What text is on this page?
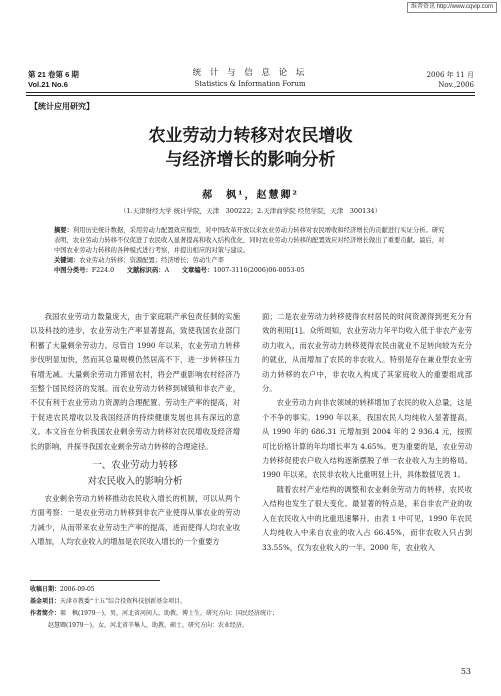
维普资讯 http://www.cqvip.com
第 21 卷第 6 期
Vol.21 No.6
统 计 与 信 息 论 坛
Statistics & Information Forum
2006 年 11 月
Nov.,2006
【统计应用研究】
农业劳动力转移对农民增收
与经济增长的影响分析
郝　枫¹，赵慧卿²
（1.天津财经大学 统计学院，天津　300222；2.天津商学院 经贸学院，天津　300134）
摘要：利用历史统计数据，采用劳动力配置效应模型，对中国改革开放以来农业劳动力转移对农民增收和经济增长的贡献进行实证分析。研究表明，农业劳动力转移不仅促进了农民收入显著提高和收入结构优化，同时农业劳动力转移的配置效应对经济增长做出了重要贡献。最后，对中国农业劳动力转移的各种模式进行考察，并提出相应的对策与建议。
关键词：农业劳动力转移；资源配置；经济增长；劳动生产率
中图分类号：F224.0   文献标识码：A   文章编号：1007-3116(2006)06-0053-05

我国农业劳动力数量庞大，由于家庭联产承包责任制的实施以及科技的进步，农业劳动生产率显著提高，致使我国农业部门积蓄了大量剩余劳动力。尽管自 1990 年以来，农业劳动力转移步伐明显加快，然而其总量规模仍然居高不下，进一步转移压力有增无减。大量剩余劳动力滞留农村，将会严重影响农村经济乃至整个国民经济的发展。而农业劳动力转移到城镇和非农产业，不仅有利于农业劳动力资源的合理配置、劳动生产率的提高，对于促进农民增收以及我国经济的持续健康发展也具有深远的意义。本文旨在分析我国农业剩余劳动力转移对农民增收及经济增长的影响，并探寻我国农业剩余劳动力转移的合理途径。

一、农业劳动力转移
对农民收入的影响分析

农业剩余劳动力转移推动农民收入增长的机制，可以从两个方面考察：一是农业劳动力转移到非农产业使得从事农业的劳动力减少，从而带来农业劳动生产率的提高，进而使得人均农业收入增加，人均农业收入的增加是农民收入增长的一个重要方

面；二是农业劳动力转移使得农村居民的时间资源得到更充分有效的利用[1]。众所周知，农业劳动力年平均收入低于非农产业劳动力收入，而农业劳动力转移使得农民由就业不足转向较为充分的就业，从而增加了农民的非农收入。特别是存在兼业型农业劳动力转移的农户中，非农收入构成了其家庭收入的重要组成部分。

农业劳动力向非农领域的转移增加了农民的收入总量，这是个不争的事实。1990 年以来，我国农民人均纯收入显著提高，从 1990 年的 686.31 元增加到 2004 年的 2 936.4 元，按照可比价格计算的年均增长率为 4.65%。更为重要的是，农业劳动力转移促使农户收入结构逐渐摆脱了单一农业收入为主的格局。1990 年以来，农民非农收入比重明显上升，具体数值见表 1。

随着农村产业结构的调整和农业剩余劳动力的转移，农民收入结构也发生了很大变化。最显著的特点是，来自非农产业的收入在农民收入中的比重迅速攀升。由表 1 中可见，1990 年农民人均纯收入中来自农业的收入占 66.45%，而非农收入只占到 33.55%，仅为农业收入的一半。2000 年，农业收入

收稿日期：2006-09-05
基金项目：天津市教委“十五”综合投资科技创新基金项目。
作者简介：郝　枫(1979－)，男，河北省河间人，助教，博士生，研究方向：国民经济统计；
赵慧卿(1979－)，女，河北省辛集人，助教，硕士，研究方向：农业经济。
53
